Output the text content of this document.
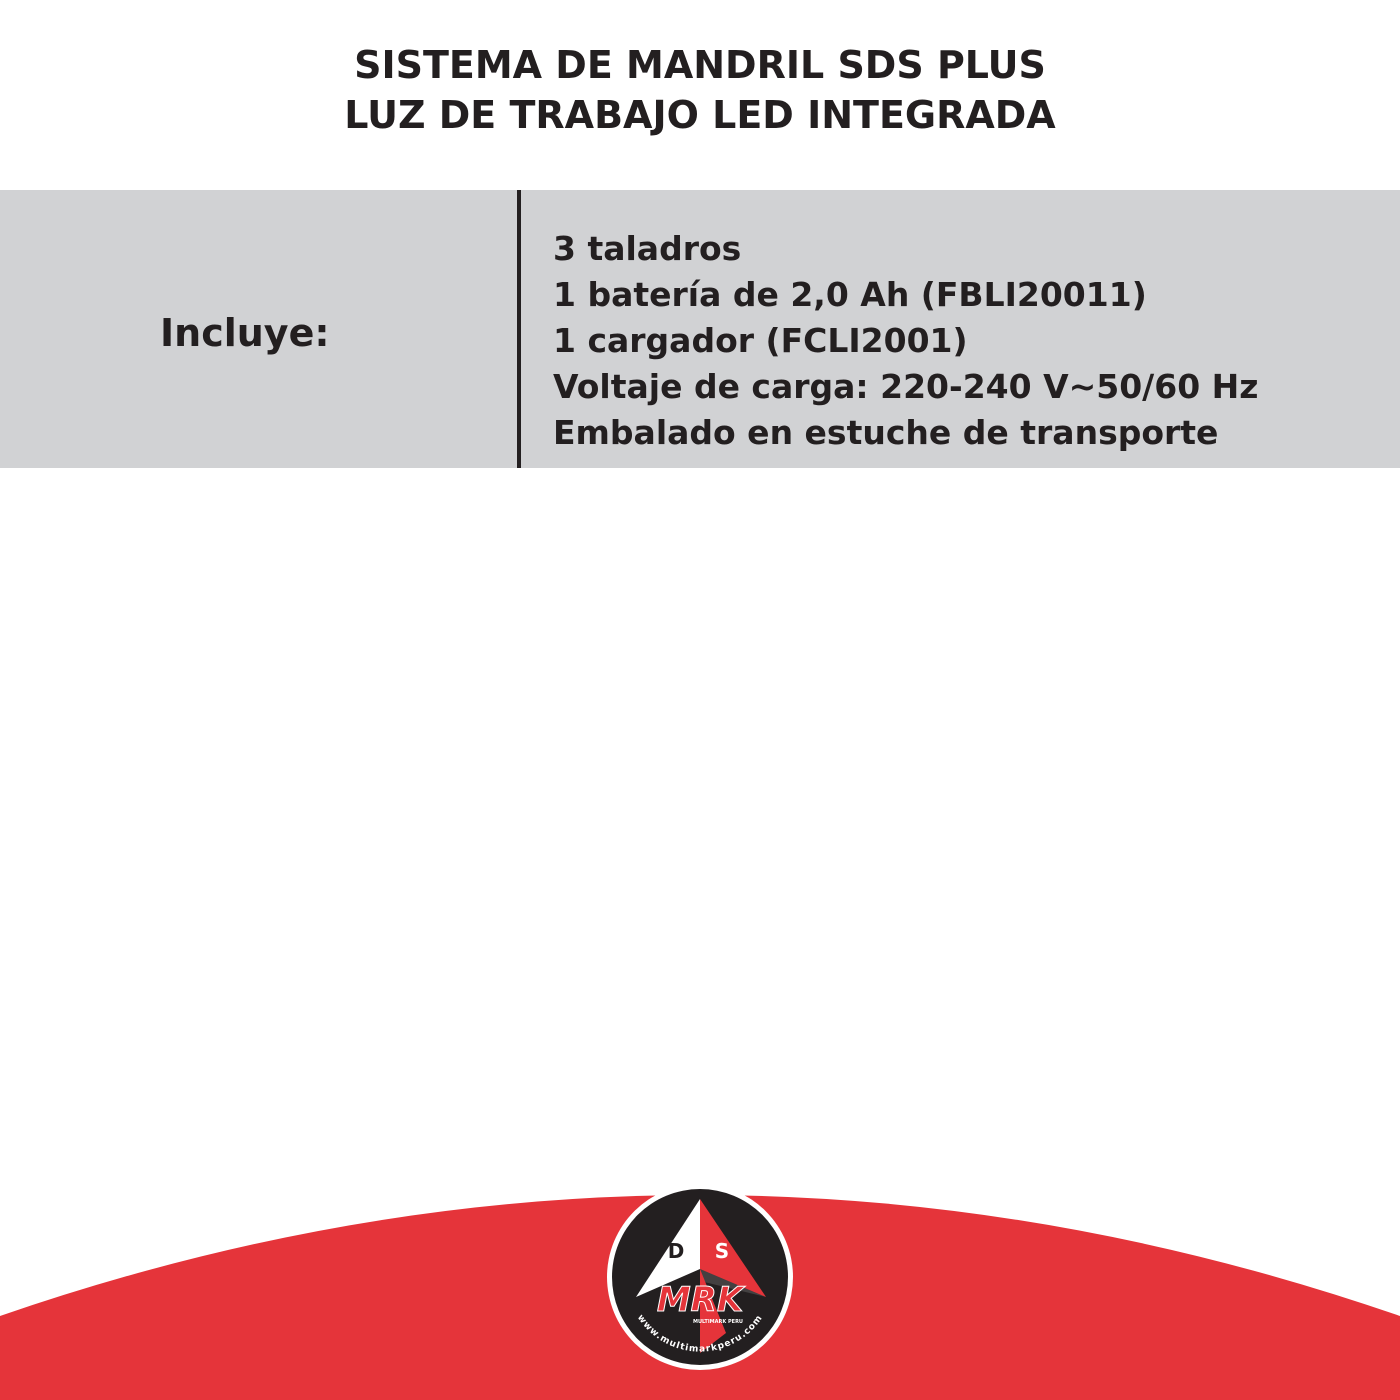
SISTEMA DE MANDRIL SDS PLUS
LUZ DE TRABAJO LED INTEGRADA
Incluye:
3 taladros
1 batería de 2,0 Ah (FBLI20011)
1 cargador (FCLI2001)
Voltaje de carga: 220-240 V~50/60 Hz
Embalado en estuche de transporte
D S
MRK
MULTIMARK PERU
www.multimarkperu.com
